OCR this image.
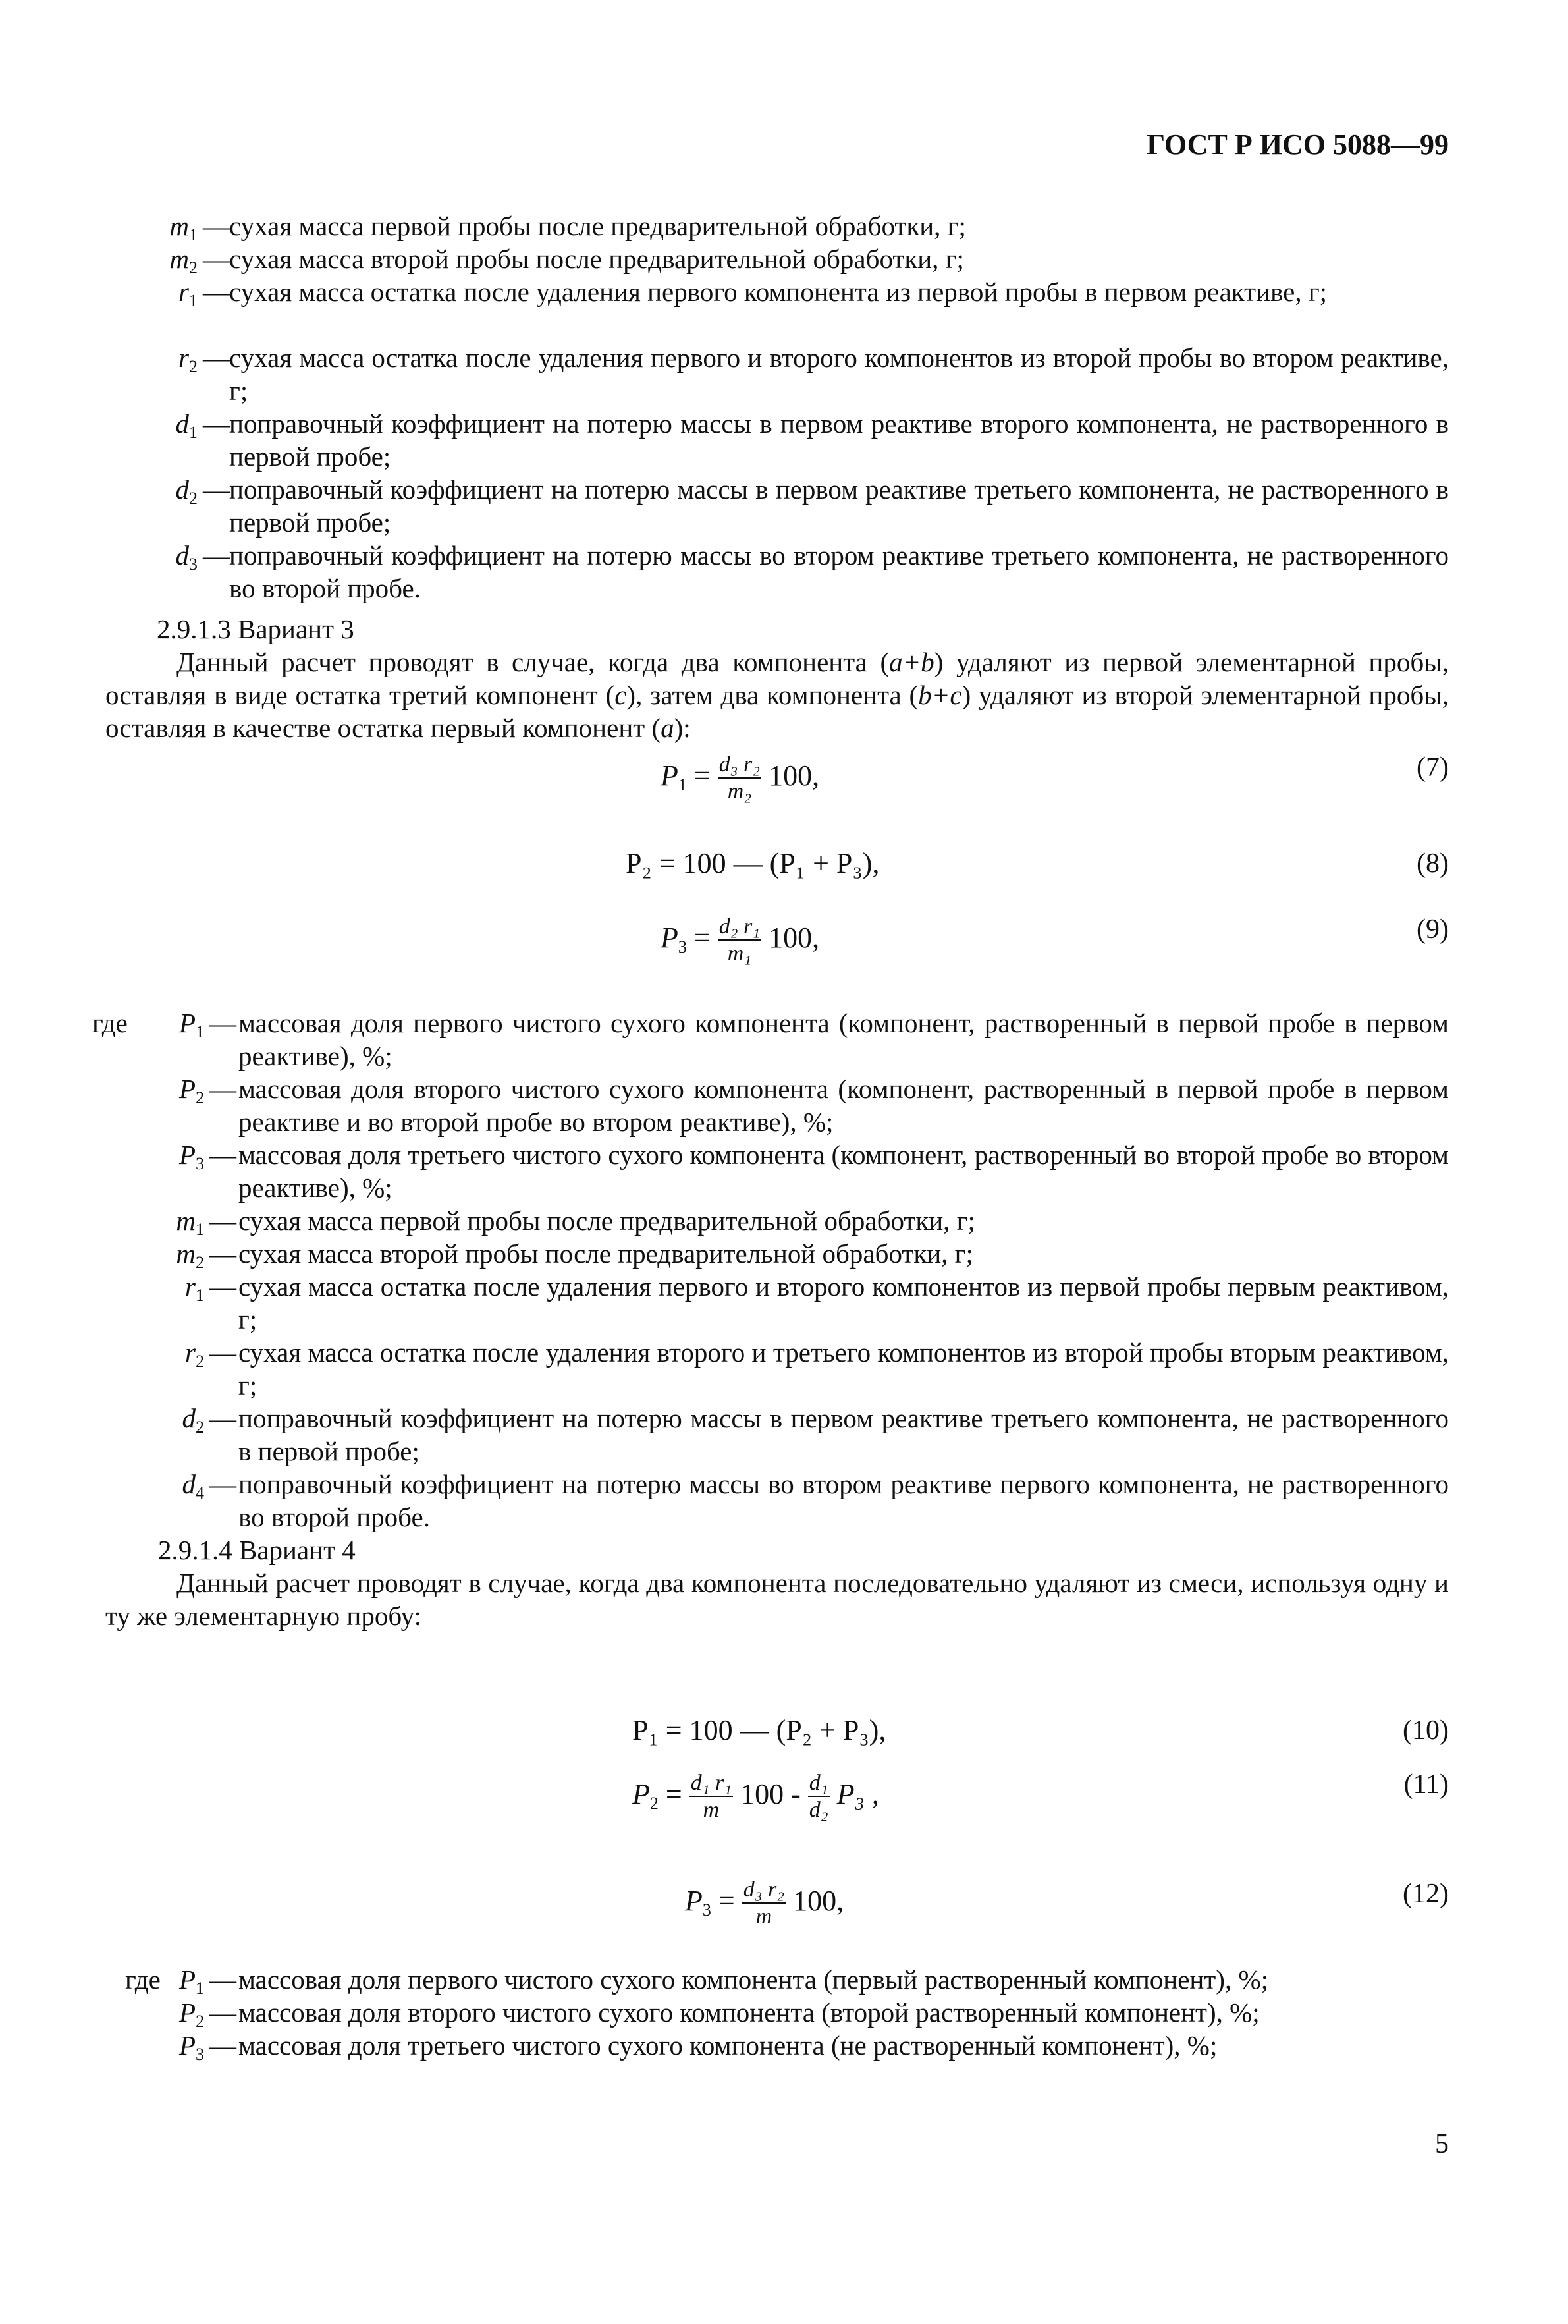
ГОСТ Р ИСО 5088—99
$m_1$ — сухая масса первой пробы после предварительной обработки, г;
$m_2$ — сухая масса второй пробы после предварительной обработки, г;
$r_1$ — сухая масса остатка после удаления первого компонента из первой пробы в первом реактиве, г;
$r_2$ — сухая масса остатка после удаления первого и второго компонентов из второй пробы во втором реактиве, г;
$d_1$ — поправочный коэффициент на потерю массы в первом реактиве второго компонента, не растворенного в первой пробе;
$d_2$ — поправочный коэффициент на потерю массы в первом реактиве третьего компонента, не растворенного в первой пробе;
$d_3$ — поправочный коэффициент на потерю массы во втором реактиве третьего компонента, не растворенного во второй пробе.
2.9.1.3 Вариант 3
Данный расчет проводят в случае, когда два компонента (a+b) удаляют из первой элементарной пробы, оставляя в виде остатка третий компонент (c), затем два компонента (b+c) удаляют из второй элементарной пробы, оставляя в качестве остатка первый компонент (a):
$P_1 = \frac{\text{d₃ r₂}}{\text{m₂}} 100$,	(7)
P₂ = 100 — (P₁ + P₃),	(8)
$P_3 = \frac{\text{d₂ r₁}}{\text{m₁}} 100$,	(9)
где	$P_1$ — массовая доля первого чистого сухого компонента (компонент, растворенный в первой пробе в первом реактиве), %;
$P_2$ — массовая доля второго чистого сухого компонента (компонент, растворенный в первой пробе в первом реактиве и во второй пробе во втором реактиве), %;
$P_3$ — массовая доля третьего чистого сухого компонента (компонент, растворенный во второй пробе во втором реактиве), %;
$m_1$ — сухая масса первой пробы после предварительной обработки, г;
$m_2$ — сухая масса второй пробы после предварительной обработки, г;
$r_1$ — сухая масса остатка после удаления первого и второго компонентов из первой пробы первым реактивом, г;
$r_2$ — сухая масса остатка после удаления второго и третьего компонентов из второй пробы вторым реактивом, г;
$d_2$ — поправочный коэффициент на потерю массы в первом реактиве третьего компонента, не растворенного в первой пробе;
$d_4$ — поправочный коэффициент на потерю массы во втором реактиве первого компонента, не растворенного во второй пробе.
2.9.1.4 Вариант 4
Данный расчет проводят в случае, когда два компонента последовательно удаляют из смеси, используя одну и ту же элементарную пробу:
P₁ = 100 — (P₂ + P₃),	(10)
$P_2 = \frac{\text{d₁ r₁}}{m} 100 - \frac{\text{d₁}}{\text{d₂}} P_3$ ,	(11)
$P_3 = \frac{\text{d₃ r₂}}{m} 100$,	(12)
где $P_1$ — массовая доля первого чистого сухого компонента (первый растворенный компонент), %;
$P_2$ — массовая доля второго чистого сухого компонента (второй растворенный компонент), %;
$P_3$ — массовая доля третьего чистого сухого компонента (не растворенный компонент), %;
5
